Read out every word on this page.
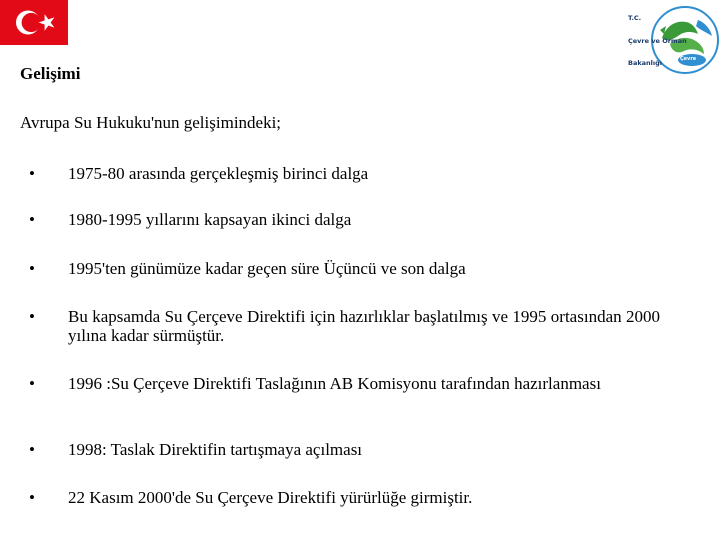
T.C.

Çevre ve Orman

Bakanlığı

	Çevre
Gelişimi
Avrupa Su Hukuku'nun gelişimindeki;
• 1975-80 arasında gerçekleşmiş birinci dalga
• 1980-1995 yıllarını kapsayan ikinci dalga
• 1995'ten günümüze kadar geçen süre Üçüncü ve son dalga
• Bu kapsamda Su Çerçeve Direktifi için hazırlıklar başlatılmış ve 1995 ortasından 2000 yılına kadar sürmüştür.
• 1996 :Su Çerçeve Direktifi Taslağının AB Komisyonu tarafından hazırlanması
• 1998: Taslak Direktifin tartışmaya açılması
• 22 Kasım 2000'de Su Çerçeve Direktifi yürürlüğe girmiştir.
